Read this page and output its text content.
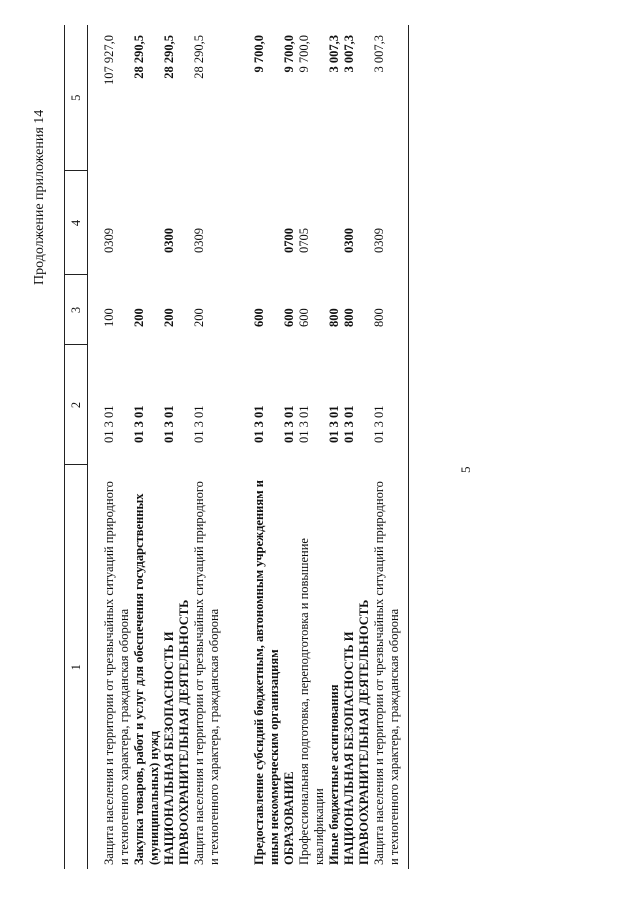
5
Продолжение приложения 14
1	2	3	4	5
Защита населения и территории от чрезвычайных ситуаций природного и техногенного характера, гражданская оборона	01 3 01	100	0309	107 927,0
Закупка товаров, работ и услуг для обеспечения государственных (муниципальных) нужд	01 3 01	200		28 290,5
НАЦИОНАЛЬНАЯ БЕЗОПАСНОСТЬ И ПРАВООХРАНИТЕЛЬНАЯ ДЕЯТЕЛЬНОСТЬ	01 3 01	200	0300	28 290,5
Защита населения и территории от чрезвычайных ситуаций природного и техногенного характера, гражданская оборона	01 3 01	200	0309	28 290,5

Предоставление субсидий бюджетным, автономным учреждениям и иным некоммерческим организациям	01 3 01	600		9 700,0
ОБРАЗОВАНИЕ	01 3 01	600	0700	9 700,0
Профессиональная подготовка, переподготовка и повышение квалификации	01 3 01	600	0705	9 700,0
Иные бюджетные ассигнования	01 3 01	800		3 007,3
НАЦИОНАЛЬНАЯ БЕЗОПАСНОСТЬ И ПРАВООХРАНИТЕЛЬНАЯ ДЕЯТЕЛЬНОСТЬ	01 3 01	800	0300	3 007,3
Защита населения и территории от чрезвычайных ситуаций природного и техногенного характера, гражданская оборона	01 3 01	800	0309	3 007,3
